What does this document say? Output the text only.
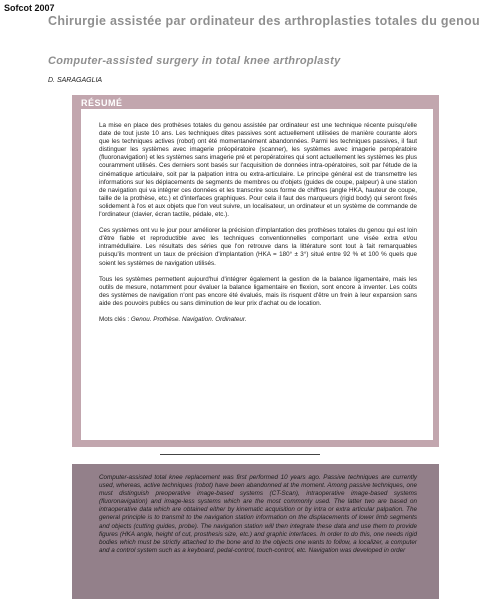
Sofcot 2007
Chirurgie assistée par ordinateur des arthroplasties totales du genou
Computer-assisted surgery in total knee arthroplasty
D. SARAGAGLIA
RÉSUMÉ

La mise en place des prothèses totales du genou assistée par ordinateur est une technique récente puisqu'elle date de tout juste 10 ans. Les techniques dites passives sont actuellement utilisées de manière courante alors que les techniques actives (robot) ont été momentanément abandonnées. Parmi les techniques passives, il faut distinguer les systèmes avec imagerie préopératoire (scanner), les systèmes avec imagerie peropératoire (fluoronavigation) et les systèmes sans imagerie pré et peropératoires qui sont actuellement les systèmes les plus couramment utilisés. Ces derniers sont basés sur l'acquisition de données intra-opératoires, soit par l'étude de la cinématique articulaire, soit par la palpation intra ou extra-articulaire. Le principe général est de transmettre les informations sur les déplacements de segments de membres ou d'objets (guides de coupe, palpeur) à une station de navigation qui va intégrer ces données et les transcrire sous forme de chiffres (angle HKA, hauteur de coupe, taille de la prothèse, etc.) et d'interfaces graphiques. Pour cela il faut des marqueurs (rigid body) qui seront fixés solidement à l'os et aux objets que l'on veut suivre, un localisateur, un ordinateur et un système de commande de l'ordinateur (clavier, écran tactile, pédale, etc.).

Ces systèmes ont vu le jour pour améliorer la précision d'implantation des prothèses totales du genou qui est loin d'être fiable et reproductible avec les techniques conventionnelles comportant une visée extra et/ou intramédullaire. Les résultats des séries que l'on retrouve dans la littérature sont tout à fait remarquables puisqu'ils montrent un taux de précision d'implantation (HKA = 180° ± 3°) situé entre 92 % et 100 % quels que soient les systèmes de navigation utilisés.

Tous les systèmes permettent aujourd'hui d'intégrer également la gestion de la balance ligamentaire, mais les outils de mesure, notamment pour évaluer la balance ligamentaire en flexion, sont encore à inventer. Les coûts des systèmes de navigation n'ont pas encore été évalués, mais ils risquent d'être un frein à leur expansion sans aide des pouvoirs publics ou sans diminution de leur prix d'achat ou de location.

Mots clés : Genou. Prothèse. Navigation. Ordinateur.

Computer-assisted total knee replacement was first performed 10 years ago. Passive techniques are currently used, whereas, active techniques (robot) have been abandonned at the moment. Among passive techniques, one must distinguish preoperative image-based systems (CT-Scan), intraoperative image-based systems (fluoronavigation) and image-less systems which are the most commonly used. The latter two are based on intraoperative data which are obtained either by kinematic acquisition or by intra or extra articular palpation. The general principle is to transmit to the navigation station information on the displacements of lower limb segments and objects (cutting guides, probe). The navigation station will then integrate these data and use them to provide figures (HKA angle, height of cut, prosthesis size, etc.) and graphic interfaces. In order to do this, one needs rigid bodies which must be strictly attached to the bone and to the objects one wants to follow, a localizer, a computer and a control system such as a keyboard, pedal-control, touch-control, etc. Navigation was developed in order
